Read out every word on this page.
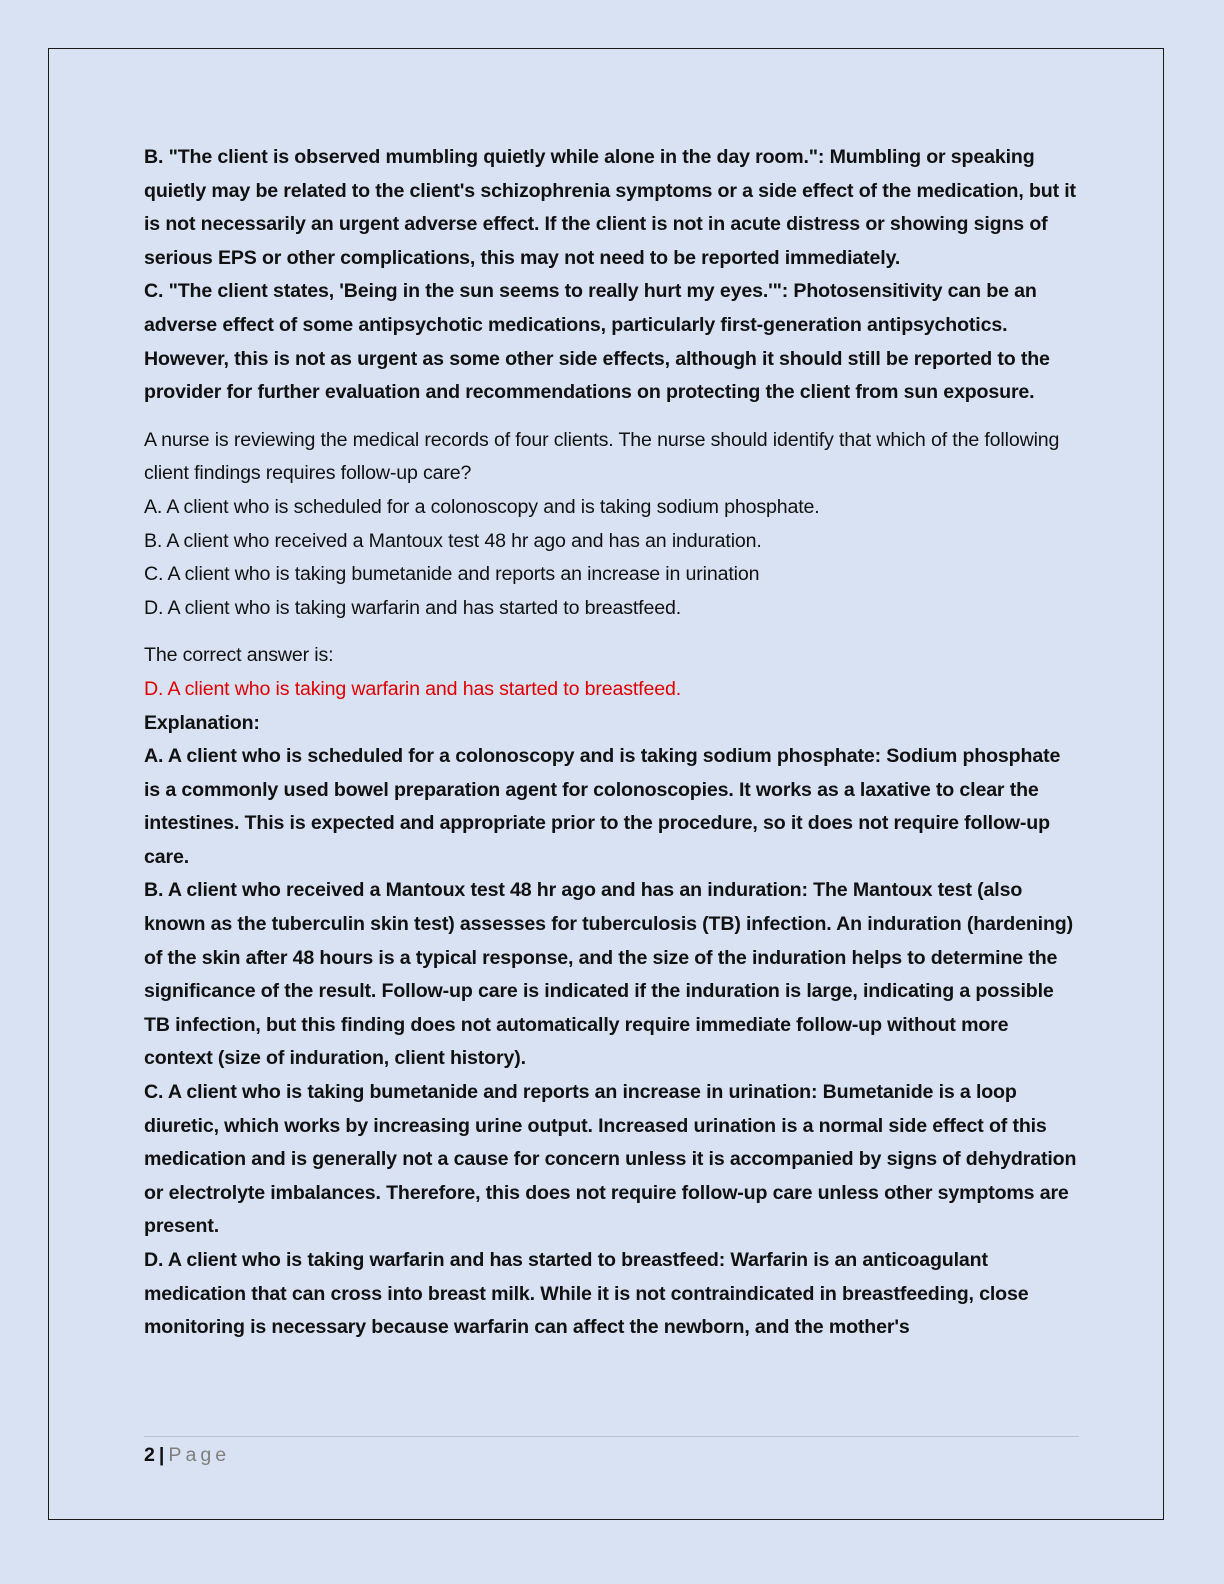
B. "The client is observed mumbling quietly while alone in the day room.": Mumbling or speaking quietly may be related to the client's schizophrenia symptoms or a side effect of the medication, but it is not necessarily an urgent adverse effect. If the client is not in acute distress or showing signs of serious EPS or other complications, this may not need to be reported immediately.

C. "The client states, 'Being in the sun seems to really hurt my eyes.'": Photosensitivity can be an adverse effect of some antipsychotic medications, particularly first-generation antipsychotics. However, this is not as urgent as some other side effects, although it should still be reported to the provider for further evaluation and recommendations on protecting the client from sun exposure.

A nurse is reviewing the medical records of four clients. The nurse should identify that which of the following client findings requires follow-up care?

A. A client who is scheduled for a colonoscopy and is taking sodium phosphate.

B. A client who received a Mantoux test 48 hr ago and has an induration.

C. A client who is taking bumetanide and reports an increase in urination

D. A client who is taking warfarin and has started to breastfeed.

The correct answer is:

D. A client who is taking warfarin and has started to breastfeed.

Explanation:

A. A client who is scheduled for a colonoscopy and is taking sodium phosphate: Sodium phosphate is a commonly used bowel preparation agent for colonoscopies. It works as a laxative to clear the intestines. This is expected and appropriate prior to the procedure, so it does not require follow-up care.

B. A client who received a Mantoux test 48 hr ago and has an induration: The Mantoux test (also known as the tuberculin skin test) assesses for tuberculosis (TB) infection. An induration (hardening) of the skin after 48 hours is a typical response, and the size of the induration helps to determine the significance of the result. Follow-up care is indicated if the induration is large, indicating a possible TB infection, but this finding does not automatically require immediate follow-up without more context (size of induration, client history).

C. A client who is taking bumetanide and reports an increase in urination: Bumetanide is a loop diuretic, which works by increasing urine output. Increased urination is a normal side effect of this medication and is generally not a cause for concern unless it is accompanied by signs of dehydration or electrolyte imbalances. Therefore, this does not require follow-up care unless other symptoms are present.

D. A client who is taking warfarin and has started to breastfeed: Warfarin is an anticoagulant medication that can cross into breast milk. While it is not contraindicated in breastfeeding, close monitoring is necessary because warfarin can affect the newborn, and the mother's

2 | Page
